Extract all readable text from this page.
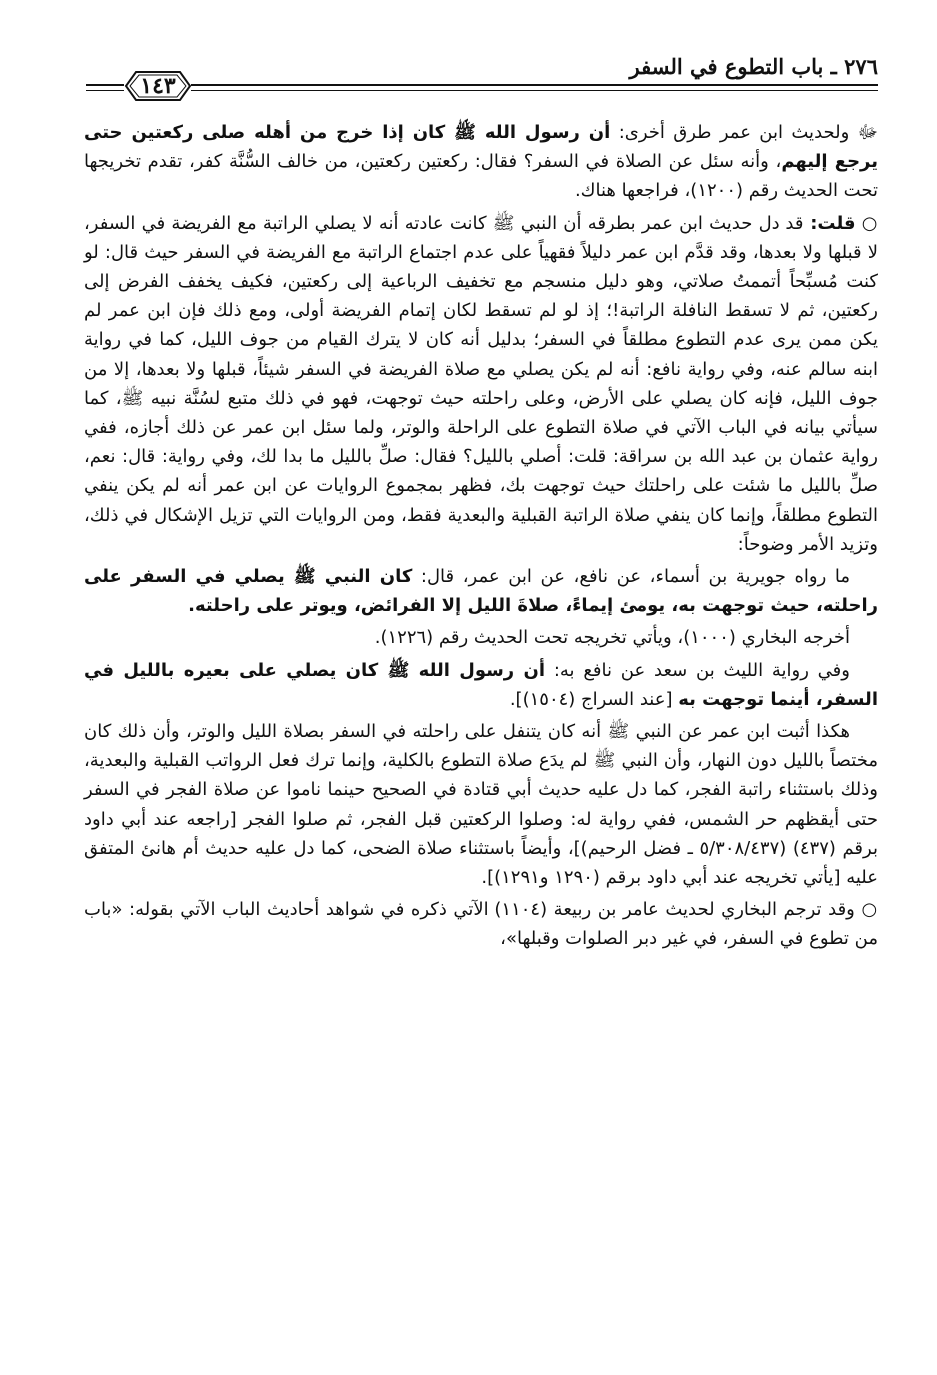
١٤٣
٢٧٦ ـ باب التطوع في السفر

ﷻ ولحديث ابن عمر طرق أخرى: أن رسول الله ﷺ كان إذا خرج من أهله صلى ركعتين حتى يرجع إليهم، وأنه سئل عن الصلاة في السفر؟ فقال: ركعتين ركعتين، من خالف السُّنَّة كفر، تقدم تخريجها تحت الحديث رقم (١٢٠٠)، فراجعها هناك.

○ قلت: قد دل حديث ابن عمر بطرقه أن النبي ﷺ كانت عادته أنه لا يصلي الراتبة مع الفريضة في السفر، لا قبلها ولا بعدها، وقد قدَّم ابن عمر دليلاً فقهياً على عدم اجتماع الراتبة مع الفريضة في السفر حيث قال: لو كنت مُسبِّحاً أتممتُ صلاتي، وهو دليل منسجم مع تخفيف الرباعية إلى ركعتين، فكيف يخفف الفرض إلى ركعتين، ثم لا تسقط النافلة الراتبة!؛ إذ لو لم تسقط لكان إتمام الفريضة أولى، ومع ذلك فإن ابن عمر لم يكن ممن يرى عدم التطوع مطلقاً في السفر؛ بدليل أنه كان لا يترك القيام من جوف الليل، كما في رواية ابنه سالم عنه، وفي رواية نافع: أنه لم يكن يصلي مع صلاة الفريضة في السفر شيئاً، قبلها ولا بعدها، إلا من جوف الليل، فإنه كان يصلي على الأرض، وعلى راحلته حيث توجهت، فهو في ذلك متبع لسُنَّة نبيه ﷺ، كما سيأتي بيانه في الباب الآتي في صلاة التطوع على الراحلة والوتر، ولما سئل ابن عمر عن ذلك أجازه، ففي رواية عثمان بن عبد الله بن سراقة: قلت: أصلي بالليل؟ فقال: صلِّ بالليل ما بدا لك، وفي رواية: قال: نعم، صلِّ بالليل ما شئت على راحلتك حيث توجهت بك، فظهر بمجموع الروايات عن ابن عمر أنه لم يكن ينفي التطوع مطلقاً، وإنما كان ينفي صلاة الراتبة القبلية والبعدية فقط، ومن الروايات التي تزيل الإشكال في ذلك، وتزيد الأمر وضوحاً:

ما رواه جويرية بن أسماء، عن نافع، عن ابن عمر، قال: كان النبي ﷺ يصلي في السفر على راحلته، حيث توجهت به، يومئ إيماءً، صلاةَ الليل إلا الفرائض، ويوتر على راحلته.

أخرجه البخاري (١٠٠٠)، ويأتي تخريجه تحت الحديث رقم (١٢٢٦).

وفي رواية الليث بن سعد عن نافع به: أن رسول الله ﷺ كان يصلي على بعيره بالليل في السفر، أينما توجهت به [عند السراج (١٥٠٤)].

هكذا أثبت ابن عمر عن النبي ﷺ أنه كان يتنفل على راحلته في السفر بصلاة الليل والوتر، وأن ذلك كان مختصاً بالليل دون النهار، وأن النبي ﷺ لم يدَع صلاة التطوع بالكلية، وإنما ترك فعل الرواتب القبلية والبعدية، وذلك باستثناء راتبة الفجر، كما دل عليه حديث أبي قتادة في الصحيح حينما ناموا عن صلاة الفجر في السفر حتى أيقظهم حر الشمس، ففي رواية له: وصلوا الركعتين قبل الفجر، ثم صلوا الفجر [راجعه عند أبي داود برقم (٤٣٧) (٥/٣٠٨/٤٣٧ ـ فضل الرحيم)]، وأيضاً باستثناء صلاة الضحى، كما دل عليه حديث أم هانئ المتفق عليه [يأتي تخريجه عند أبي داود برقم (١٢٩٠ و١٢٩١)].

○ وقد ترجم البخاري لحديث عامر بن ربيعة (١١٠٤) الآتي ذكره في شواهد أحاديث الباب الآتي بقوله: «باب من تطوع في السفر، في غير دبر الصلوات وقبلها»،
